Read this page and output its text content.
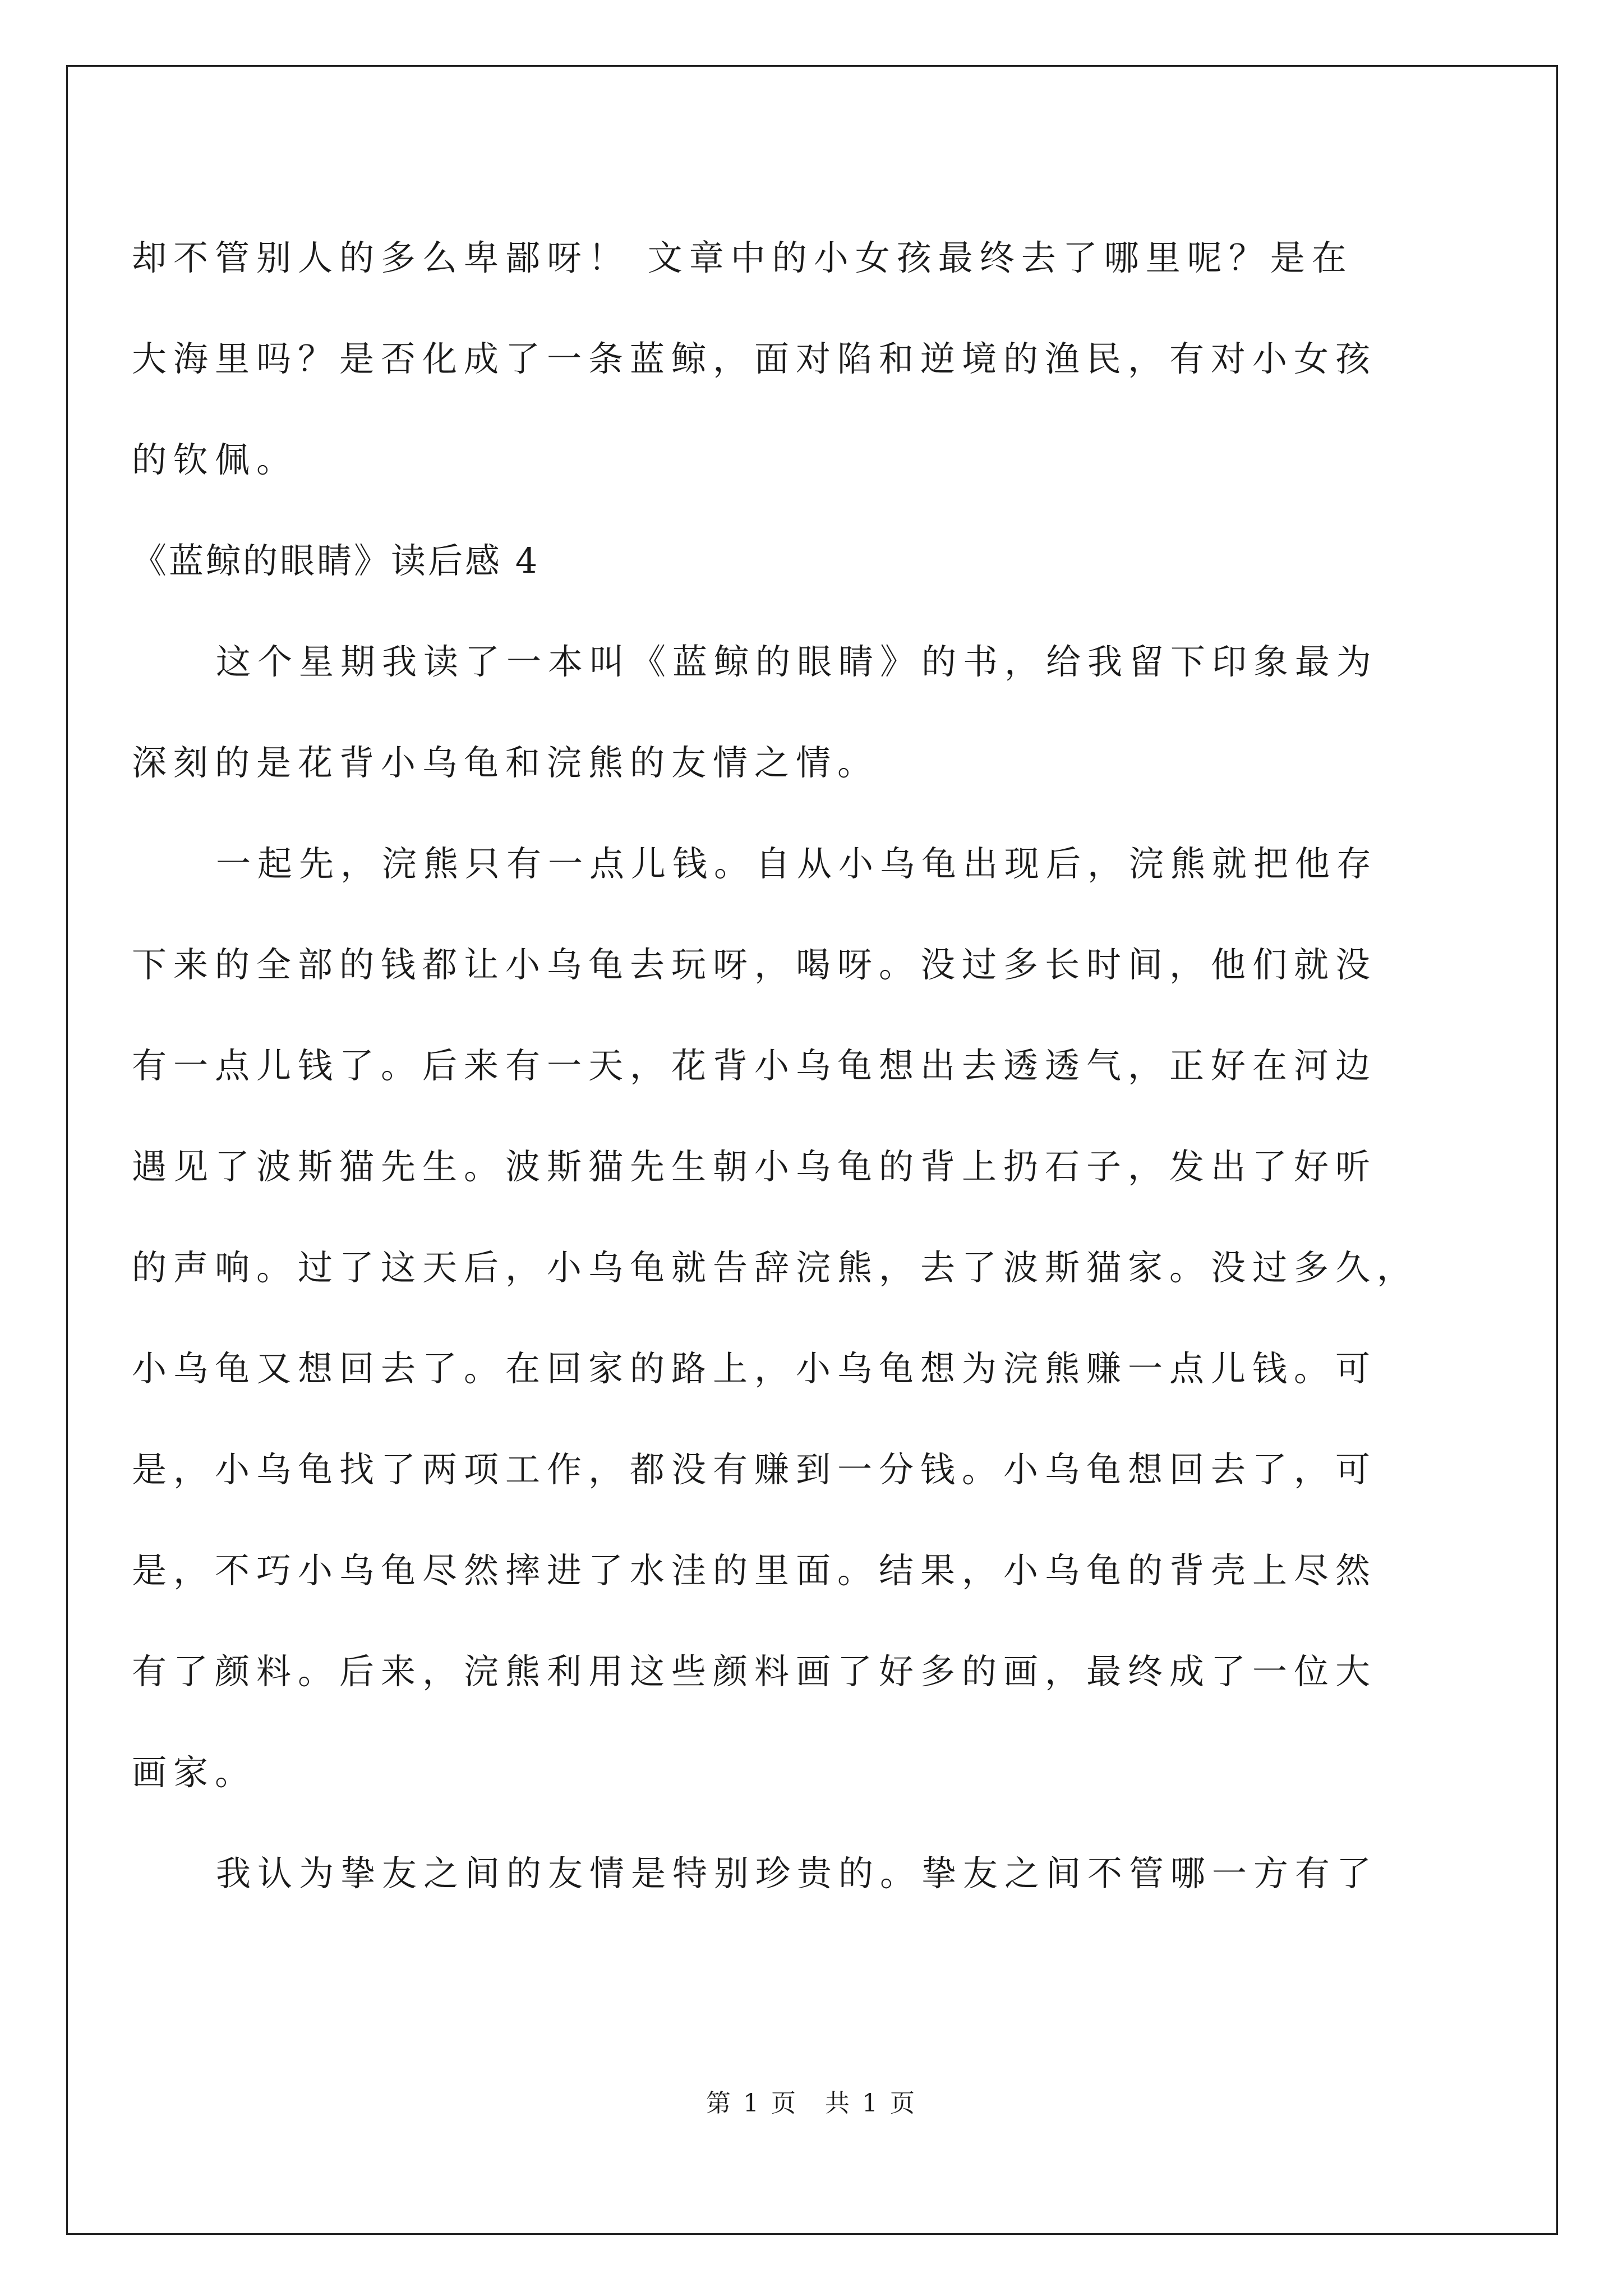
却不管别人的多么卑鄙呀！ 文章中的小女孩最终去了哪里呢？是在
大海里吗？是否化成了一条蓝鲸，面对陷和逆境的渔民，有对小女孩
的钦佩。
《蓝鲸的眼睛》读后感 4
这个星期我读了一本叫《蓝鲸的眼睛》的书，给我留下印象最为
深刻的是花背小乌龟和浣熊的友情之情。
一起先，浣熊只有一点儿钱。自从小乌龟出现后，浣熊就把他存
下来的全部的钱都让小乌龟去玩呀，喝呀。没过多长时间，他们就没
有一点儿钱了。后来有一天，花背小乌龟想出去透透气，正好在河边
遇见了波斯猫先生。波斯猫先生朝小乌龟的背上扔石子，发出了好听
的声响。过了这天后，小乌龟就告辞浣熊，去了波斯猫家。没过多久，
小乌龟又想回去了。在回家的路上，小乌龟想为浣熊赚一点儿钱。可
是，小乌龟找了两项工作，都没有赚到一分钱。小乌龟想回去了，可
是，不巧小乌龟尽然摔进了水洼的里面。结果，小乌龟的背壳上尽然
有了颜料。后来，浣熊利用这些颜料画了好多的画，最终成了一位大
画家。
我认为挚友之间的友情是特别珍贵的。挚友之间不管哪一方有了
第 1 页　共 1 页
